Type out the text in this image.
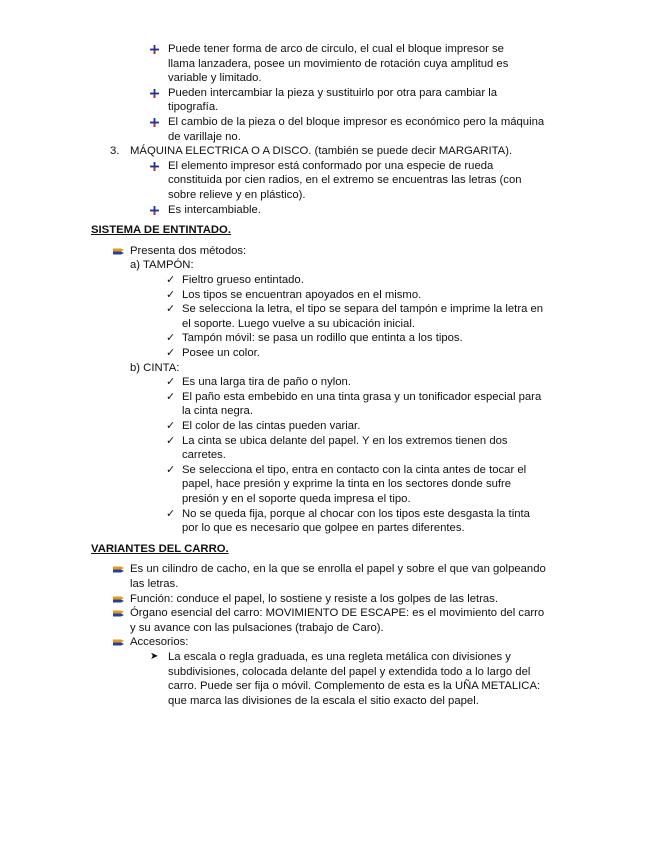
Puede tener forma de arco de circulo, el cual el bloque impresor se
llama lanzadera, posee un movimiento de rotación cuya amplitud es
variable y limitado.
Pueden intercambiar la pieza y sustituirlo por otra para cambiar la
tipografía.
El cambio de la pieza o del bloque impresor es económico pero la máquina
de varillaje no.
3. MÁQUINA ELECTRICA O A DISCO. (también se puede decir MARGARITA).
El elemento impresor está conformado por una especie de rueda
constituida por cien radios, en el extremo se encuentras las letras (con
sobre relieve y en plástico).
Es intercambiable.
SISTEMA DE ENTINTADO.
Presenta dos métodos:
a) TAMPÓN:
✓ Fieltro grueso entintado.
✓ Los tipos se encuentran apoyados en el mismo.
✓ Se selecciona la letra, el tipo se separa del tampón e imprime la letra en
el soporte. Luego vuelve a su ubicación inicial.
✓ Tampón móvil: se pasa un rodillo que entinta a los tipos.
✓ Posee un color.
b) CINTA:
✓ Es una larga tira de paño o nylon.
✓ El paño esta embebido en una tinta grasa y un tonificador especial para
la cinta negra.
✓ El color de las cintas pueden variar.
✓ La cinta se ubica delante del papel. Y en los extremos tienen dos
carretes.
✓ Se selecciona el tipo, entra en contacto con la cinta antes de tocar el
papel, hace presión y exprime la tinta en los sectores donde sufre
presión y en el soporte queda impresa el tipo.
✓ No se queda fija, porque al chocar con los tipos este desgasta la tinta
por lo que es necesario que golpee en partes diferentes.
VARIANTES DEL CARRO.
Es un cilindro de cacho, en la que se enrolla el papel y sobre el que van golpeando
las letras.
Función: conduce el papel, lo sostiene y resiste a los golpes de las letras.
Órgano esencial del carro: MOVIMIENTO DE ESCAPE: es el movimiento del carro
y su avance con las pulsaciones (trabajo de Caro).
Accesorios:
➤ La escala o regla graduada, es una regleta metálica con divisiones y
subdivisiones, colocada delante del papel y extendida todo a lo largo del
carro. Puede ser fija o móvil. Complemento de esta es la UÑA METALICA:
que marca las divisiones de la escala el sitio exacto del papel.
